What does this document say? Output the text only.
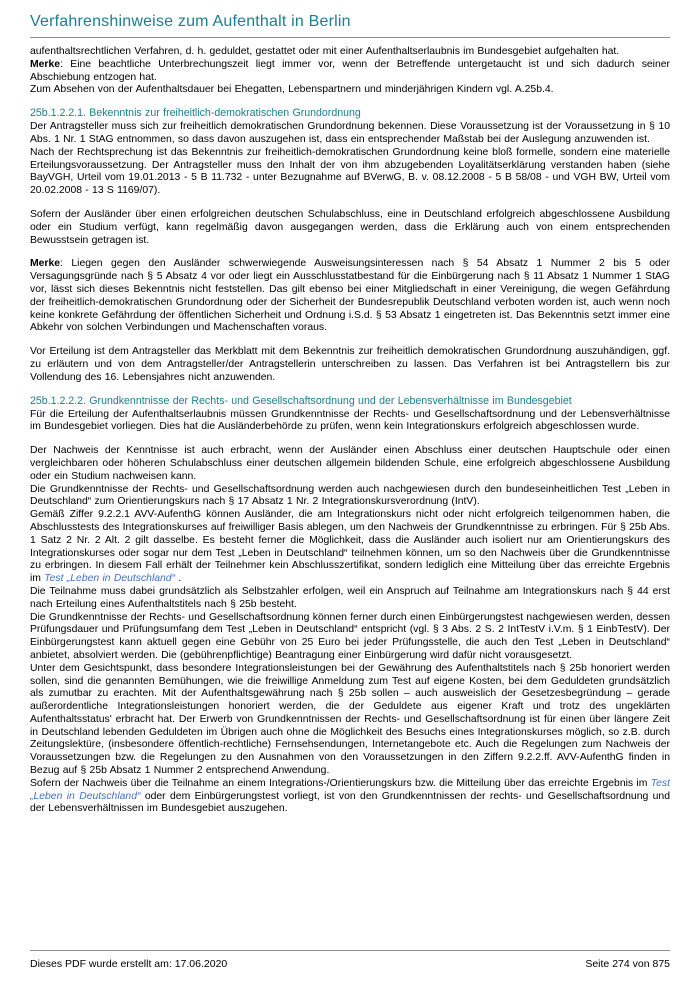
Verfahrenshinweise zum Aufenthalt in Berlin

aufenthaltsrechtlichen Verfahren, d. h. geduldet, gestattet oder mit einer Aufenthaltserlaubnis im Bundesgebiet aufgehalten hat.

Merke: Eine beachtliche Unterbrechungszeit liegt immer vor, wenn der Betreffende untergetaucht ist und sich dadurch seiner Abschiebung entzogen hat.

Zum Absehen von der Aufenthaltsdauer bei Ehegatten, Lebenspartnern und minderjährigen Kindern vgl. A.25b.4.

25b.1.2.2.1. Bekenntnis zur freiheitlich-demokratischen Grundordnung

Der Antragsteller muss sich zur freiheitlich demokratischen Grundordnung bekennen. Diese Voraussetzung ist der Voraussetzung in § 10 Abs. 1 Nr. 1 StAG entnommen, so dass davon auszugehen ist, dass ein entsprechender Maßstab bei der Auslegung anzuwenden ist.

Nach der Rechtsprechung ist das Bekenntnis zur freiheitlich-demokratischen Grundordnung keine bloß formelle, sondern eine materielle Erteilungsvoraussetzung. Der Antragsteller muss den Inhalt der von ihm abzugebenden Loyalitätserklärung verstanden haben (siehe BayVGH, Urteil vom 19.01.2013 - 5 B 11.732 - unter Bezugnahme auf BVerwG, B. v. 08.12.2008 - 5 B 58/08 - und VGH BW, Urteil vom 20.02.2008 - 13 S 1169/07).

Sofern der Ausländer über einen erfolgreichen deutschen Schulabschluss, eine in Deutschland erfolgreich abgeschlossene Ausbildung oder ein Studium verfügt, kann regelmäßig davon ausgegangen werden, dass die Erklärung auch von einem entsprechenden Bewusstsein getragen ist.

Merke: Liegen gegen den Ausländer schwerwiegende Ausweisungsinteressen nach § 54 Absatz 1 Nummer 2 bis 5 oder Versagungsgründe nach § 5 Absatz 4 vor oder liegt ein Ausschlusstatbestand für die Einbürgerung nach § 11 Absatz 1 Nummer 1 StAG vor, lässt sich dieses Bekenntnis nicht feststellen. Das gilt ebenso bei einer Mitgliedschaft in einer Vereinigung, die wegen Gefährdung der freiheitlich-demokratischen Grundordnung oder der Sicherheit der Bundesrepublik Deutschland verboten worden ist, auch wenn noch keine konkrete Gefährdung der öffentlichen Sicherheit und Ordnung i.S.d. § 53 Absatz 1 eingetreten ist. Das Bekenntnis setzt immer eine Abkehr von solchen Verbindungen und Machenschaften voraus.

Vor Erteilung ist dem Antragsteller das Merkblatt mit dem Bekenntnis zur freiheitlich demokratischen Grundordnung auszuhändigen, ggf. zu erläutern und von dem Antragsteller/der Antragstellerin unterschreiben zu lassen. Das Verfahren ist bei Antragstellern bis zur Vollendung des 16. Lebensjahres nicht anzuwenden.

25b.1.2.2.2. Grundkenntnisse der Rechts- und Gesellschaftsordnung und der Lebensverhältnisse im Bundesgebiet

Für die Erteilung der Aufenthaltserlaubnis müssen Grundkenntnisse der Rechts- und Gesellschaftsordnung und der Lebensverhältnisse im Bundesgebiet vorliegen. Dies hat die Ausländerbehörde zu prüfen, wenn kein Integrationskurs erfolgreich abgeschlossen wurde.

Der Nachweis der Kenntnisse ist auch erbracht, wenn der Ausländer einen Abschluss einer deutschen Hauptschule oder einen vergleichbaren oder höheren Schulabschluss einer deutschen allgemein bildenden Schule, eine erfolgreich abgeschlossene Ausbildung oder ein Studium nachweisen kann.

Die Grundkenntnisse der Rechts- und Gesellschaftsordnung werden auch nachgewiesen durch den bundeseinheitlichen Test „Leben in Deutschland“ zum Orientierungskurs nach § 17 Absatz 1 Nr. 2 Integrationskursverordnung (IntV).

Gemäß Ziffer 9.2.2.1 AVV-AufenthG können Ausländer, die am Integrationskurs nicht oder nicht erfolgreich teilgenommen haben, die Abschlusstests des Integrationskurses auf freiwilliger Basis ablegen, um den Nachweis der Grundkenntnisse zu erbringen. Für § 25b Abs. 1 Satz 2 Nr. 2 Alt. 2 gilt dasselbe. Es besteht ferner die Möglichkeit, dass die Ausländer auch isoliert nur am Orientierungskurs des Integrationskurses oder sogar nur dem Test „Leben in Deutschland“ teilnehmen können, um so den Nachweis über die Grundkenntnisse zu erbringen. In diesem Fall erhält der Teilnehmer kein Abschlusszertifikat, sondern lediglich eine Mitteilung über das erreichte Ergebnis im Test „Leben in Deutschland“ .

Die Teilnahme muss dabei grundsätzlich als Selbstzahler erfolgen, weil ein Anspruch auf Teilnahme am Integrationskurs nach § 44 erst nach Erteilung eines Aufenthaltstitels nach § 25b besteht.

Die Grundkenntnisse der Rechts- und Gesellschaftsordnung können ferner durch einen Einbürgerungstest nachgewiesen werden, dessen Prüfungsdauer und Prüfungsumfang dem Test „Leben in Deutschland“ entspricht (vgl. § 3 Abs. 2 S. 2 IntTestV i.V.m. § 1 EinbTestV). Der Einbürgerungstest kann aktuell gegen eine Gebühr von 25 Euro bei jeder Prüfungsstelle, die auch den Test „Leben in Deutschland“ anbietet, absolviert werden. Die (gebührenpflichtige) Beantragung einer Einbürgerung wird dafür nicht vorausgesetzt.

Unter dem Gesichtspunkt, dass besondere Integrationsleistungen bei der Gewährung des Aufenthaltstitels nach § 25b honoriert werden sollen, sind die genannten Bemühungen, wie die freiwillige Anmeldung zum Test auf eigene Kosten, bei dem Geduldeten grundsätzlich als zumutbar zu erachten. Mit der Aufenthaltsgewährung nach § 25b sollen – auch ausweislich der Gesetzesbegründung – gerade außerordentliche Integrationsleistungen honoriert werden, die der Geduldete aus eigener Kraft und trotz des ungeklärten Aufenthaltsstatus' erbracht hat. Der Erwerb von Grundkenntnissen der Rechts- und Gesellschaftsordnung ist für einen über längere Zeit in Deutschland lebenden Geduldeten im Übrigen auch ohne die Möglichkeit des Besuchs eines Integrationskurses möglich, so z.B. durch Zeitungslektüre, (insbesondere öffentlich-rechtliche) Fernsehsendungen, Internetangebote etc. Auch die Regelungen zum Nachweis der Voraussetzungen bzw. die Regelungen zu den Ausnahmen von den Voraussetzungen in den Ziffern 9.2.2.ff. AVV-AufenthG finden in Bezug auf § 25b Absatz 1 Nummer 2 entsprechend Anwendung.

Sofern der Nachweis über die Teilnahme an einem Integrations-/Orientierungskurs bzw. die Mitteilung über das erreichte Ergebnis im Test „Leben in Deutschland“ oder dem Einbürgerungstest vorliegt, ist von den Grundkenntnissen der rechts- und Gesellschaftsordnung und der Lebensverhältnissen im Bundesgebiet auszugehen.

Dieses PDF wurde erstellt am: 17.06.2020	Seite 274 von 875
